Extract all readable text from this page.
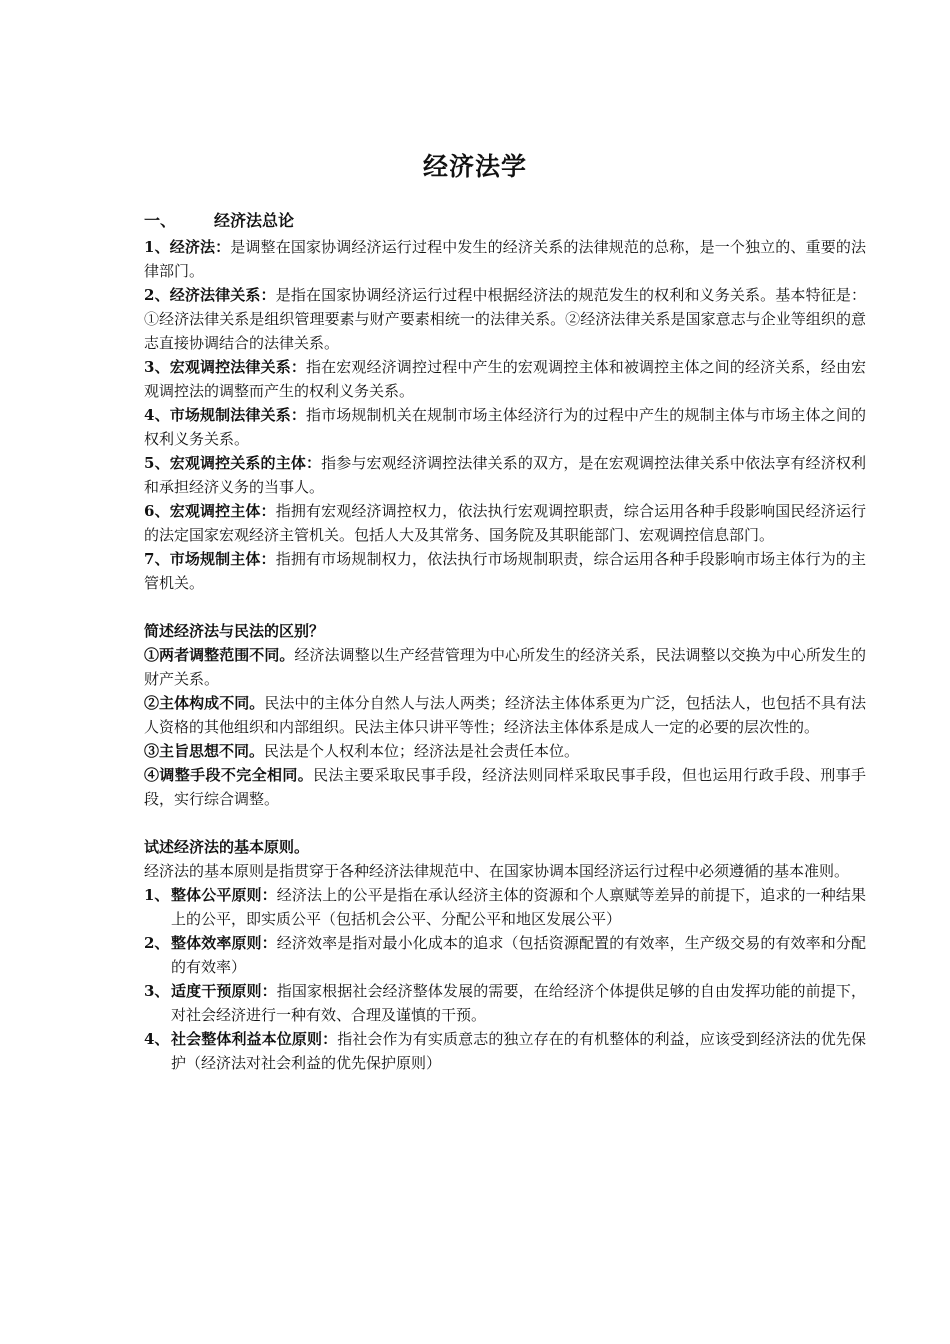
经济法学

一、 经济法总论

1、经济法：是调整在国家协调经济运行过程中发生的经济关系的法律规范的总称，是一个独立的、重要的法律部门。

2、经济法律关系：是指在国家协调经济运行过程中根据经济法的规范发生的权利和义务关系。基本特征是：①经济法律关系是组织管理要素与财产要素相统一的法律关系。②经济法律关系是国家意志与企业等组织的意志直接协调结合的法律关系。

3、宏观调控法律关系：指在宏观经济调控过程中产生的宏观调控主体和被调控主体之间的经济关系，经由宏观调控法的调整而产生的权利义务关系。

4、市场规制法律关系：指市场规制机关在规制市场主体经济行为的过程中产生的规制主体与市场主体之间的权利义务关系。

5、宏观调控关系的主体：指参与宏观经济调控法律关系的双方，是在宏观调控法律关系中依法享有经济权利和承担经济义务的当事人。

6、宏观调控主体：指拥有宏观经济调控权力，依法执行宏观调控职责，综合运用各种手段影响国民经济运行的法定国家宏观经济主管机关。包括人大及其常务、国务院及其职能部门、宏观调控信息部门。

7、市场规制主体：指拥有市场规制权力，依法执行市场规制职责，综合运用各种手段影响市场主体行为的主管机关。

简述经济法与民法的区别？

①两者调整范围不同。经济法调整以生产经营管理为中心所发生的经济关系，民法调整以交换为中心所发生的财产关系。

②主体构成不同。民法中的主体分自然人与法人两类；经济法主体体系更为广泛，包括法人，也包括不具有法人资格的其他组织和内部组织。民法主体只讲平等性；经济法主体体系是成人一定的必要的层次性的。

③主旨思想不同。民法是个人权利本位；经济法是社会责任本位。

④调整手段不完全相同。民法主要采取民事手段，经济法则同样采取民事手段，但也运用行政手段、刑事手段，实行综合调整。

试述经济法的基本原则。

经济法的基本原则是指贯穿于各种经济法律规范中、在国家协调本国经济运行过程中必须遵循的基本准则。

1、 整体公平原则：经济法上的公平是指在承认经济主体的资源和个人禀赋等差异的前提下，追求的一种结果上的公平，即实质公平（包括机会公平、分配公平和地区发展公平）

2、 整体效率原则：经济效率是指对最小化成本的追求（包括资源配置的有效率，生产级交易的有效率和分配的有效率）

3、 适度干预原则：指国家根据社会经济整体发展的需要，在给经济个体提供足够的自由发挥功能的前提下，对社会经济进行一种有效、合理及谨慎的干预。

4、 社会整体利益本位原则：指社会作为有实质意志的独立存在的有机整体的利益，应该受到经济法的优先保护（经济法对社会利益的优先保护原则）
